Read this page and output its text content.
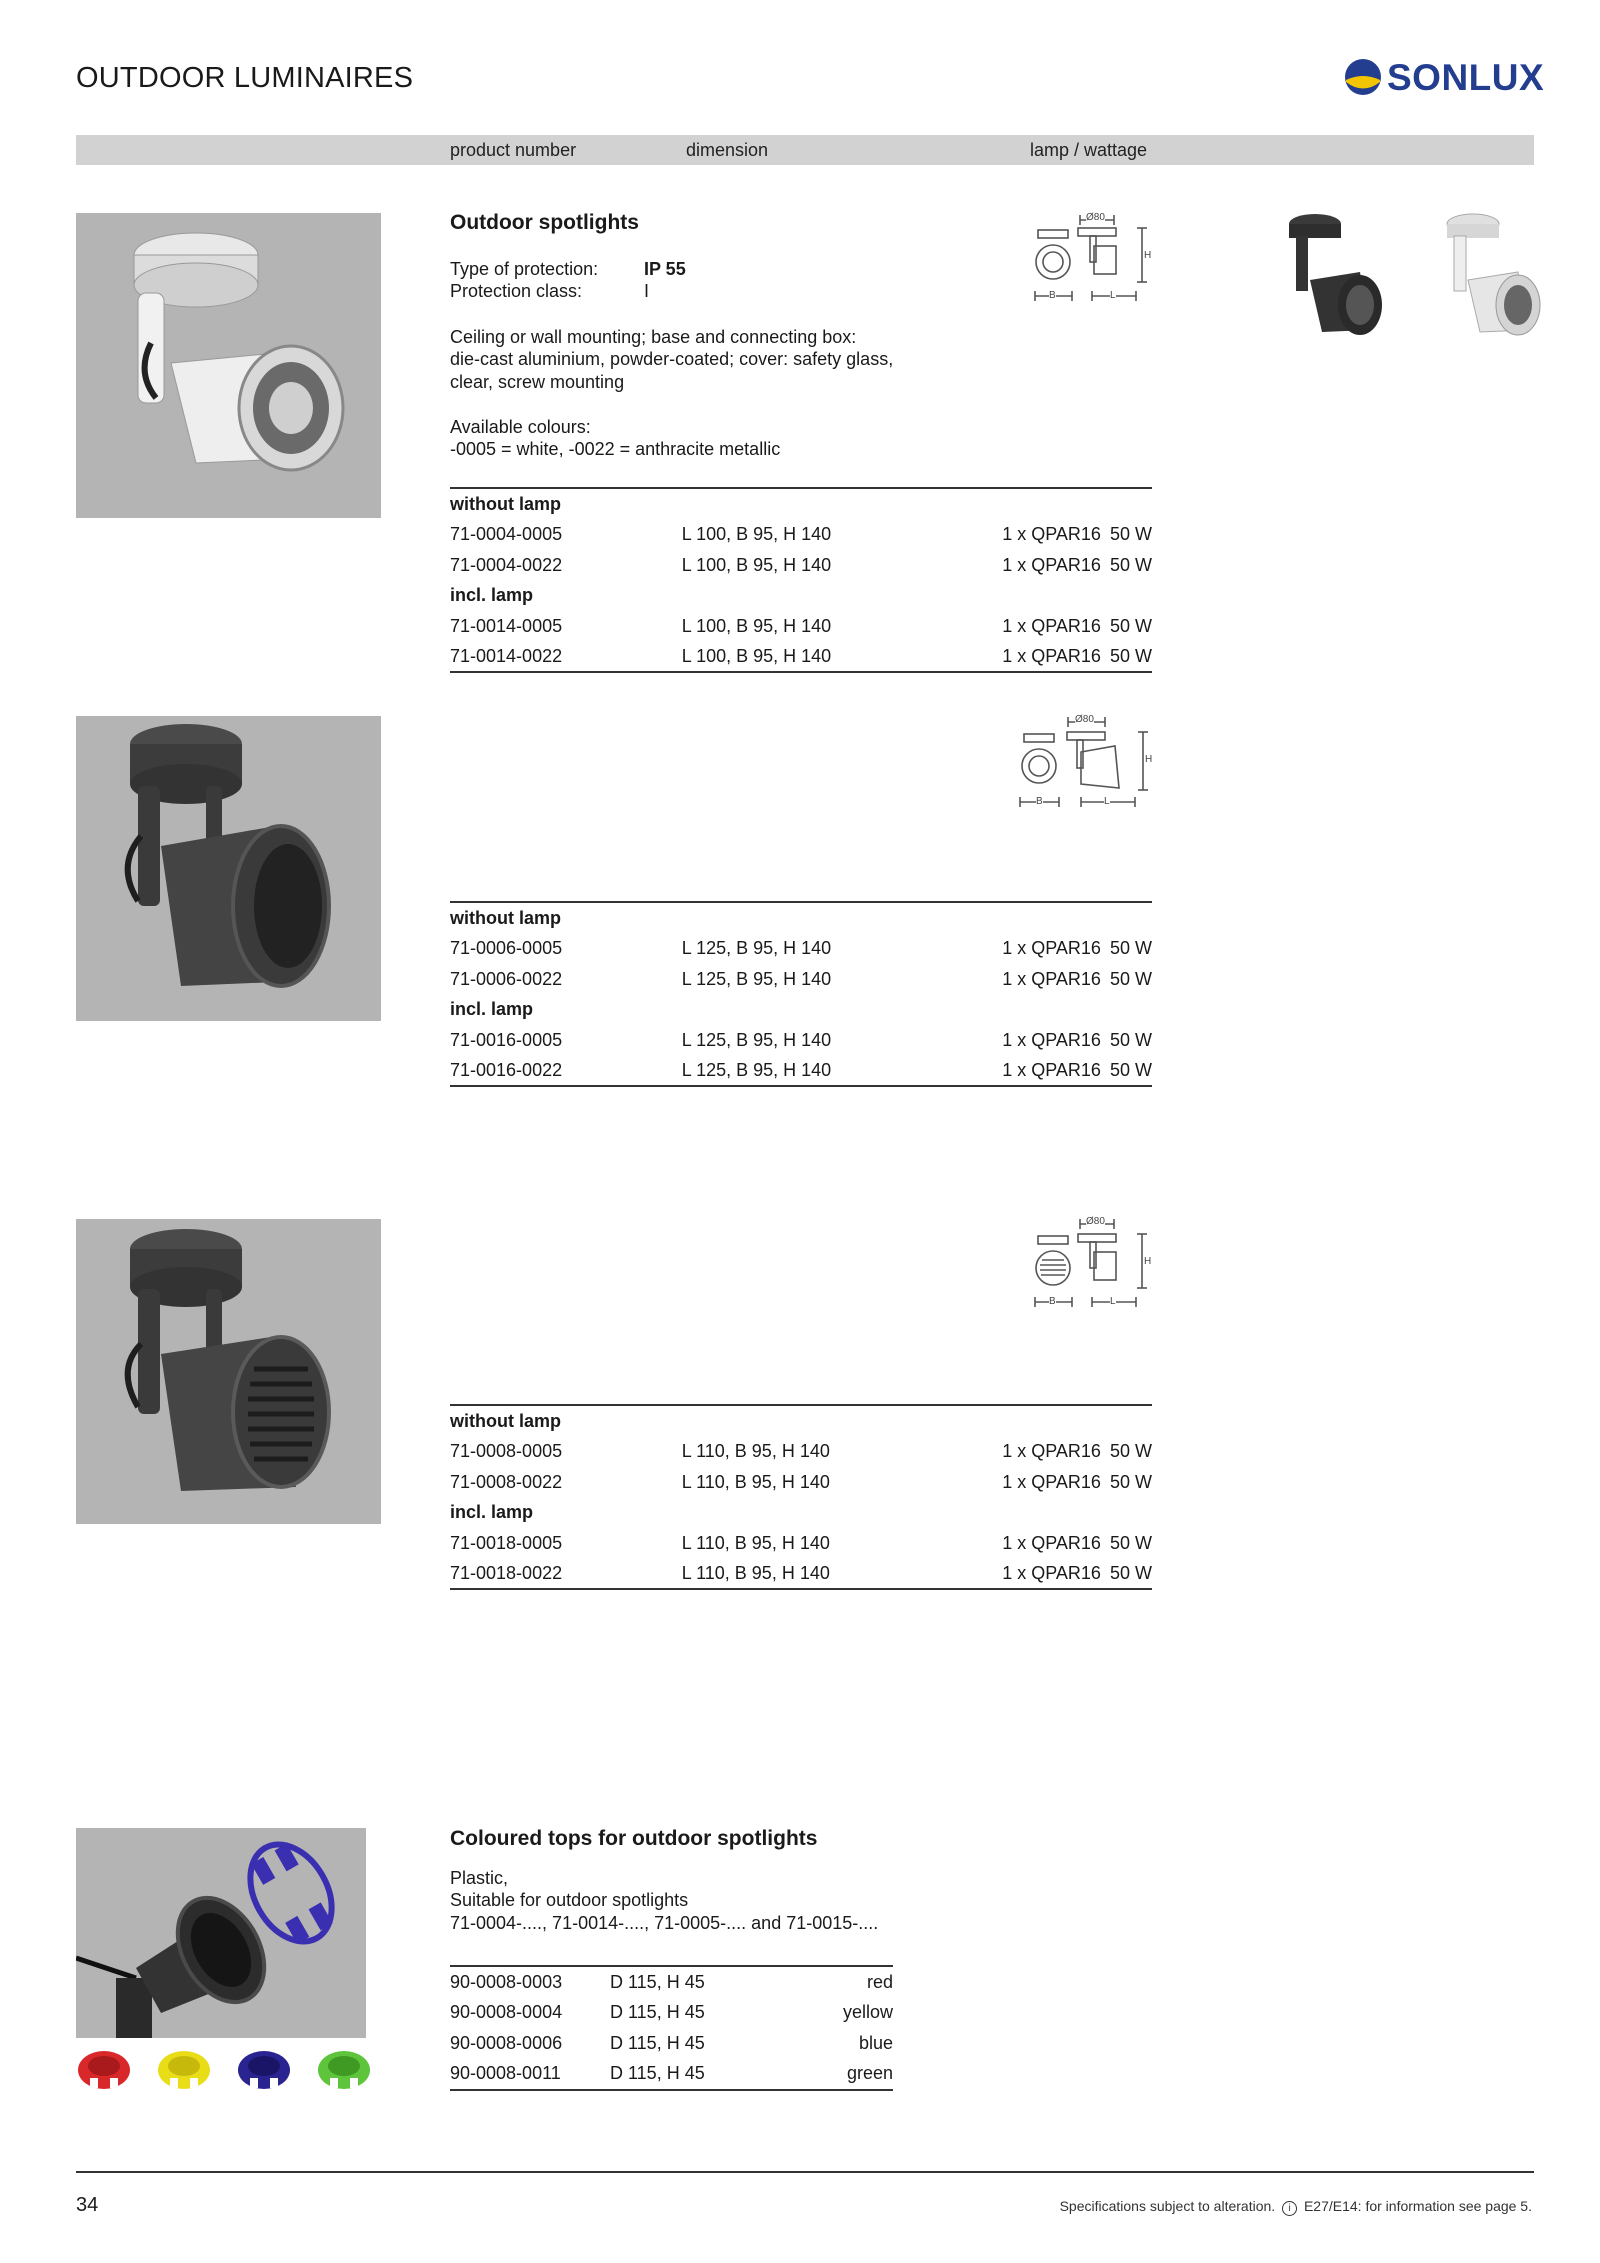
OUTDOOR LUMINAIRES	SONLUX
product number	dimension	lamp / wattage
Outdoor spotlights
Type of protection:	IP 55
Protection class:	I
Ceiling or wall mounting; base and connecting box:
die-cast aluminium, powder-coated; cover: safety glass,
clear, screw mounting
Available colours:
-0005 = white, -0022 = anthracite metallic
Ø80
B	L
H
without lamp			
71-0004-0005	L 100, B 95, H 140	1 x QPAR16	50 W
71-0004-0022	L 100, B 95, H 140	1 x QPAR16	50 W
incl. lamp			
71-0014-0005	L 100, B 95, H 140	1 x QPAR16	50 W
71-0014-0022	L 100, B 95, H 140	1 x QPAR16	50 W
Ø80
B	L
H
without lamp			
71-0006-0005	L 125, B 95, H 140	1 x QPAR16	50 W
71-0006-0022	L 125, B 95, H 140	1 x QPAR16	50 W
incl. lamp			
71-0016-0005	L 125, B 95, H 140	1 x QPAR16	50 W
71-0016-0022	L 125, B 95, H 140	1 x QPAR16	50 W
Ø80
B	L
H
without lamp			
71-0008-0005	L 110, B 95, H 140	1 x QPAR16	50 W
71-0008-0022	L 110, B 95, H 140	1 x QPAR16	50 W
incl. lamp			
71-0018-0005	L 110, B 95, H 140	1 x QPAR16	50 W
71-0018-0022	L 110, B 95, H 140	1 x QPAR16	50 W
Coloured tops for outdoor spotlights
Plastic,
Suitable for outdoor spotlights
71-0004-...., 71-0014-...., 71-0005-.... and 71-0015-....
90-0008-0003	D 115, H 45	red
90-0008-0004	D 115, H 45	yellow
90-0008-0006	D 115, H 45	blue
90-0008-0011	D 115, H 45	green
34	Specifications subject to alteration. i E27/E14: for information see page 5.
